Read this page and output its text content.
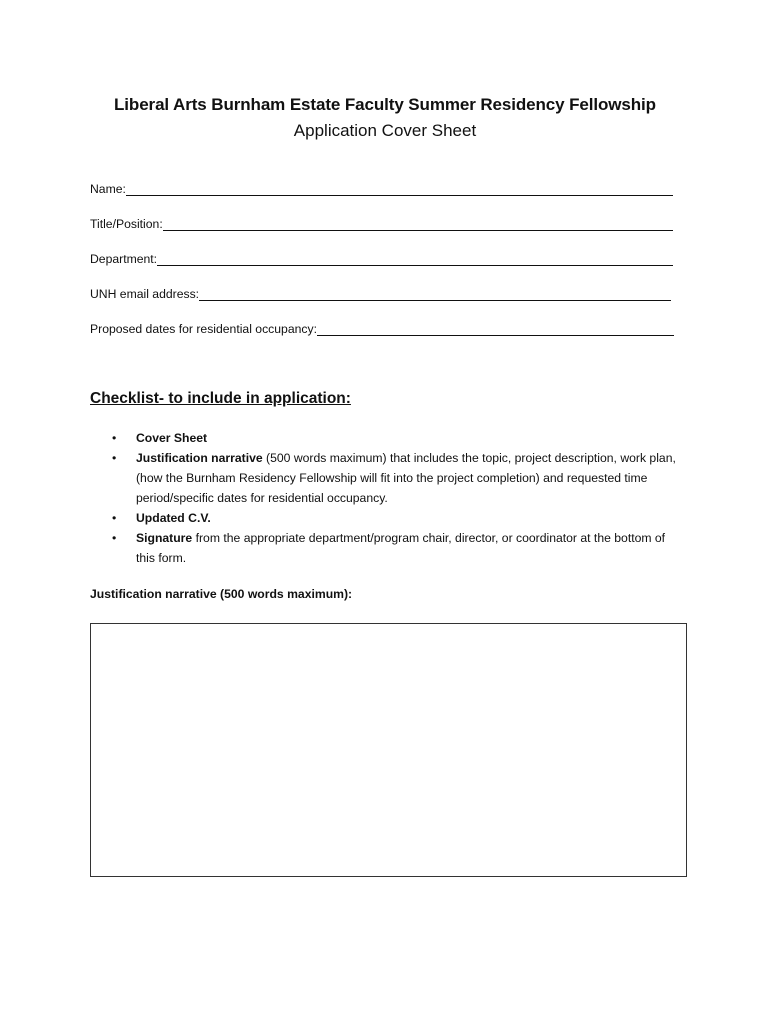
Liberal Arts Burnham Estate Faculty Summer Residency Fellowship
Application Cover Sheet
Name:
Title/Position:
Department:
UNH email address:
Proposed dates for residential occupancy:
Checklist- to include in application:
• Cover Sheet
• Justification narrative (500 words maximum) that includes the topic, project description, work plan, (how the Burnham Residency Fellowship will fit into the project completion) and requested time period/specific dates for residential occupancy.
• Updated C.V.
• Signature from the appropriate department/program chair, director, or coordinator at the bottom of this form.
Justification narrative (500 words maximum):
